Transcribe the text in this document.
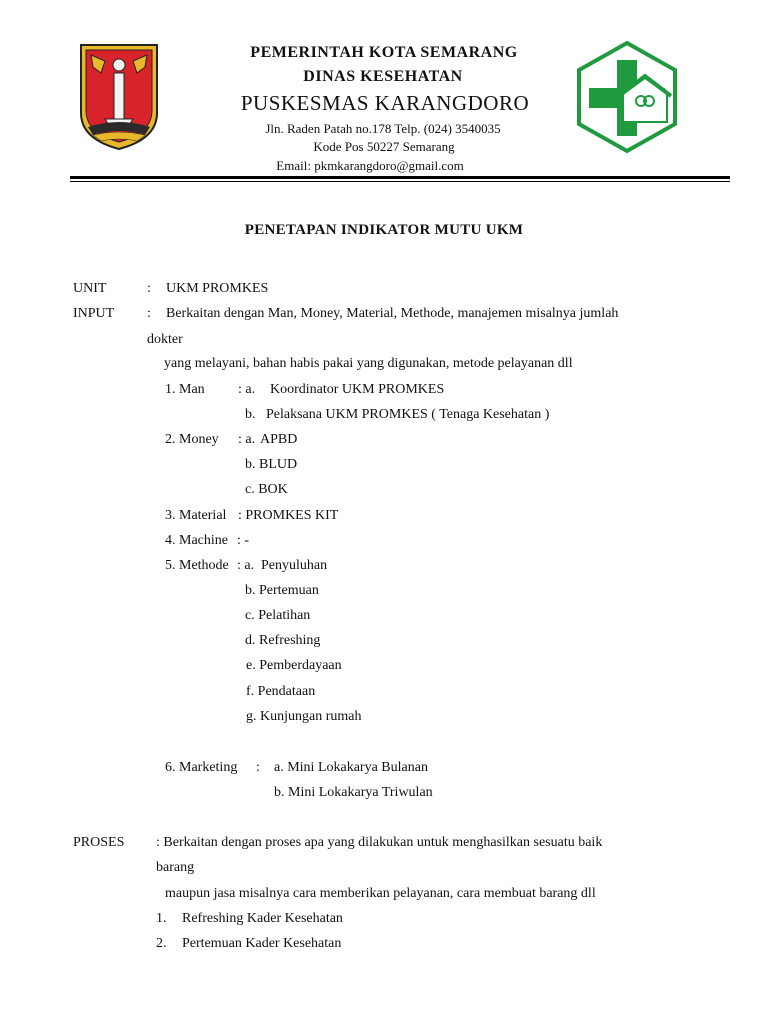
PEMERINTAH KOTA SEMARANG
DINAS KESEHATAN
PUSKESMAS KARANGDORO
Jln. Raden Patah no.178 Telp. (024) 3540035
Kode Pos 50227 Semarang
Email: pkmkarangdoro@gmail.com
PENETAPAN INDIKATOR MUTU UKM
UNIT	: UKM PROMKES
INPUT : Berkaitan dengan Man, Money, Material, Methode, manajemen misalnya jumlah
dokter
yang melayani, bahan habis pakai yang digunakan, metode pelayanan dll
1. Man : a. Koordinator UKM PROMKES
b. Pelaksana UKM PROMKES ( Tenaga Kesehatan )
2. Money : a. APBD
b. BLUD
c. BOK
3. Material : PROMKES KIT
4. Machine : -
5. Methode : a. Penyuluhan
b. Pertemuan
c. Pelatihan
d. Refreshing
e. Pemberdayaan
f. Pendataan
g. Kunjungan rumah
6. Marketing : a. Mini Lokakarya Bulanan
b. Mini Lokakarya Triwulan
PROSES : Berkaitan dengan proses apa yang dilakukan untuk menghasilkan sesuatu baik
barang
maupun jasa misalnya cara memberikan pelayanan, cara membuat barang dll
1. Refreshing Kader Kesehatan
2. Pertemuan Kader Kesehatan
